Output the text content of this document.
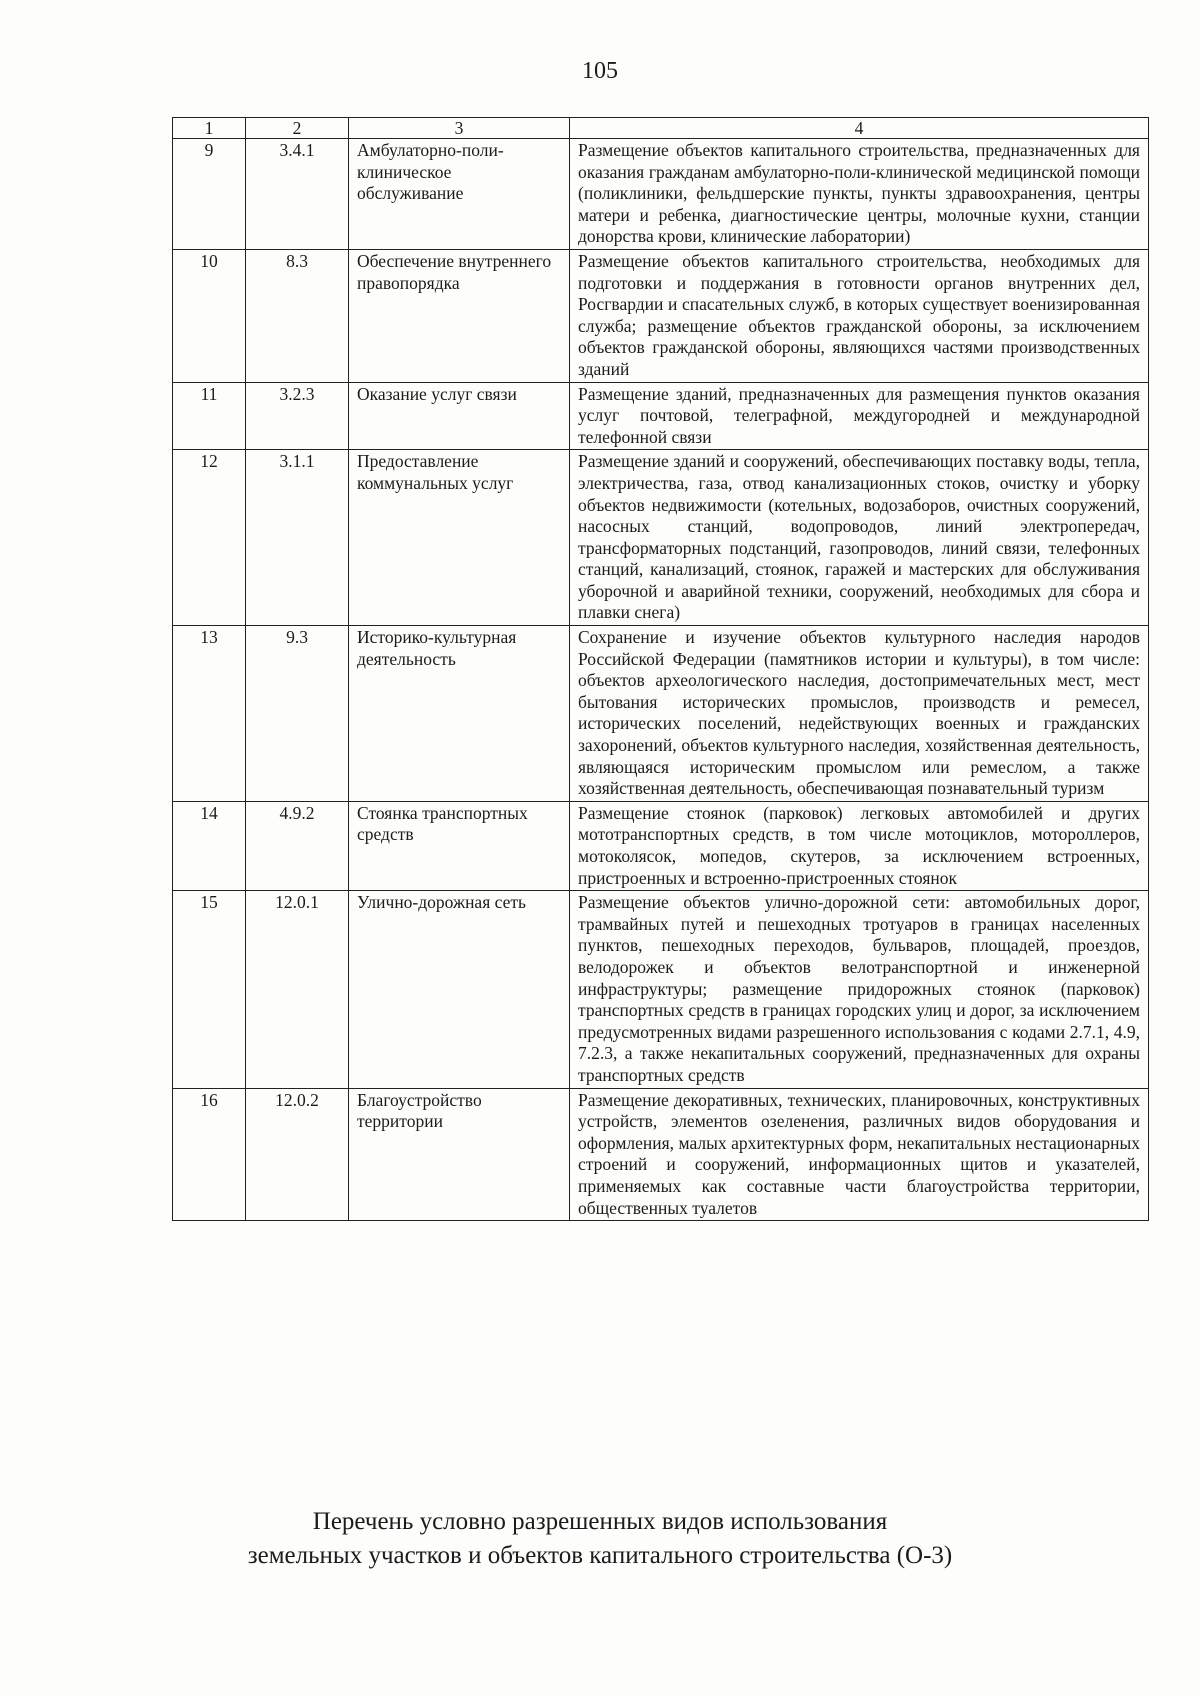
105
1	2	3	4
9	3.4.1	Амбулаторно-поли-клиническое обслуживание	Размещение объектов капитального строительства, предназначенных для оказания гражданам амбулаторно-поли-клинической медицинской помощи (поликлиники, фельдшерские пункты, пункты здравоохранения, центры матери и ребенка, диагностические центры, молочные кухни, станции донорства крови, клинические лаборатории)
10	8.3	Обеспечение внутреннего правопорядка	Размещение объектов капитального строительства, необходимых для подготовки и поддержания в готовности органов внутренних дел, Росгвардии и спасательных служб, в которых существует военизированная служба; размещение объектов гражданской обороны, за исключением объектов гражданской обороны, являющихся частями производственных зданий
11	3.2.3	Оказание услуг связи	Размещение зданий, предназначенных для размещения пунктов оказания услуг почтовой, телеграфной, междугородней и международной телефонной связи
12	3.1.1	Предоставление коммунальных услуг	Размещение зданий и сооружений, обеспечивающих поставку воды, тепла, электричества, газа, отвод канализационных стоков, очистку и уборку объектов недвижимости (котельных, водозаборов, очистных сооружений, насосных станций, водопроводов, линий электропередач, трансформаторных подстанций, газопроводов, линий связи, телефонных станций, канализаций, стоянок, гаражей и мастерских для обслуживания уборочной и аварийной техники, сооружений, необходимых для сбора и плавки снега)
13	9.3	Историко-культурная деятельность	Сохранение и изучение объектов культурного наследия народов Российской Федерации (памятников истории и культуры), в том числе: объектов археологического наследия, достопримечательных мест, мест бытования исторических промыслов, производств и ремесел, исторических поселений, недействующих военных и гражданских захоронений, объектов культурного наследия, хозяйственная деятельность, являющаяся историческим промыслом или ремеслом, а также хозяйственная деятельность, обеспечивающая познавательный туризм
14	4.9.2	Стоянка транспортных средств	Размещение стоянок (парковок) легковых автомобилей и других мототранспортных средств, в том числе мотоциклов, мотороллеров, мотоколясок, мопедов, скутеров, за исключением встроенных, пристроенных и встроенно-пристроенных стоянок
15	12.0.1	Улично-дорожная сеть	Размещение объектов улично-дорожной сети: автомобильных дорог, трамвайных путей и пешеходных тротуаров в границах населенных пунктов, пешеходных переходов, бульваров, площадей, проездов, велодорожек и объектов велотранспортной и инженерной инфраструктуры; размещение придорожных стоянок (парковок) транспортных средств в границах городских улиц и дорог, за исключением предусмотренных видами разрешенного использования с кодами 2.7.1, 4.9, 7.2.3, а также некапитальных сооружений, предназначенных для охраны транспортных средств
16	12.0.2	Благоустройство территории	Размещение декоративных, технических, планировочных, конструктивных устройств, элементов озеленения, различных видов оборудования и оформления, малых архитектурных форм, некапитальных нестационарных строений и сооружений, информационных щитов и указателей, применяемых как составные части благоустройства территории, общественных туалетов
Перечень условно разрешенных видов использования
земельных участков и объектов капитального строительства (О-3)
